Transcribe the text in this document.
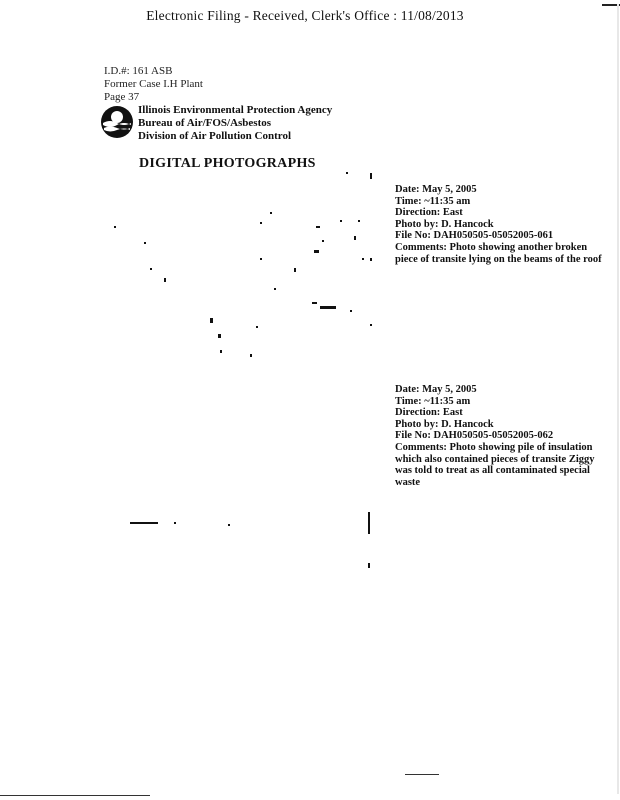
Electronic Filing - Received, Clerk's Office : 11/08/2013
I.D.#: 161 ASB
Former Case I.H Plant
Page 37
Illinois Environmental Protection Agency
Bureau of Air/FOS/Asbestos
Division of Air Pollution Control
DIGITAL PHOTOGRAPHS
Date: May 5, 2005
Time: ~11:35 am
Direction: East
Photo by: D. Hancock
File No: DAH050505-05052005-061
Comments: Photo showing another broken
piece of transite lying on the beams of the roof
Date: May 5, 2005
Time: ~11:35 am
Direction: East
Photo by: D. Hancock
File No: DAH050505-05052005-062
Comments: Photo showing pile of insulation
which also contained pieces of transite Ziggy
was told to treat as all contaminated special
waste
